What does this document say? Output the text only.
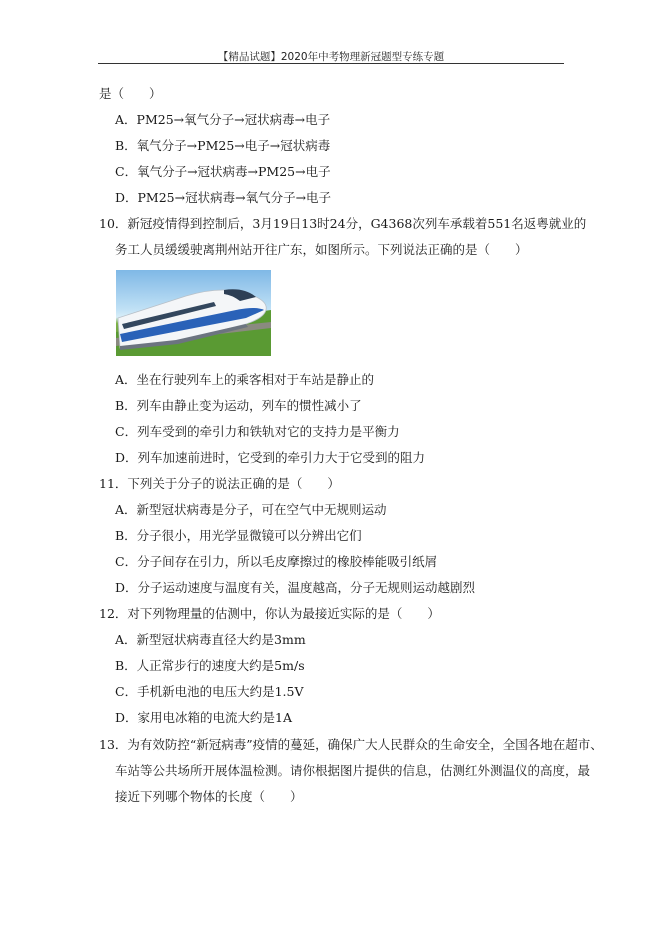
【精品试题】2020年中考物理新冠题型专练专题
是（　　）
A．PM25→氧气分子→冠状病毒→电子
B．氧气分子→PM25→电子→冠状病毒
C．氧气分子→冠状病毒→PM25→电子
D．PM25→冠状病毒→氧气分子→电子
10．新冠疫情得到控制后，3月19日13时24分，G4368次列车承载着551名返粤就业的
务工人员缓缓驶离荆州站开往广东，如图所示。下列说法正确的是（　　）
A．坐在行驶列车上的乘客相对于车站是静止的
B．列车由静止变为运动，列车的惯性减小了
C．列车受到的牵引力和铁轨对它的支持力是平衡力
D．列车加速前进时，它受到的牵引力大于它受到的阻力
11．下列关于分子的说法正确的是（　　）
A．新型冠状病毒是分子，可在空气中无规则运动
B．分子很小，用光学显微镜可以分辨出它们
C．分子间存在引力，所以毛皮摩擦过的橡胶棒能吸引纸屑
D．分子运动速度与温度有关，温度越高，分子无规则运动越剧烈
12．对下列物理量的估测中，你认为最接近实际的是（　　）
A．新型冠状病毒直径大约是3mm
B．人正常步行的速度大约是5m/s
C．手机新电池的电压大约是1.5V
D．家用电冰箱的电流大约是1A
13．为有效防控“新冠病毒”疫情的蔓延，确保广大人民群众的生命安全，全国各地在超市、
车站等公共场所开展体温检测。请你根据图片提供的信息，估测红外测温仪的高度，最
接近下列哪个物体的长度（　　）
